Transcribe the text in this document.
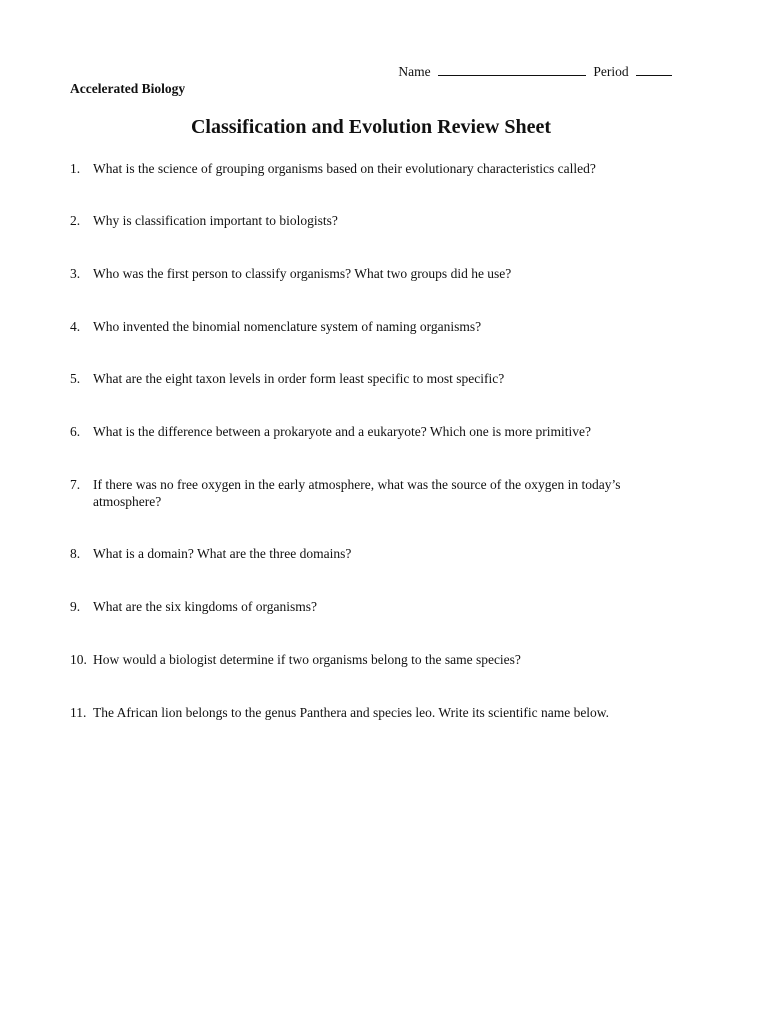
Name	Period
Accelerated Biology
Classification and Evolution Review Sheet
1. What is the science of grouping organisms based on their evolutionary characteristics called?
2. Why is classification important to biologists?
3. Who was the first person to classify organisms? What two groups did he use?
4. Who invented the binomial nomenclature system of naming organisms?
5. What are the eight taxon levels in order form least specific to most specific?
6. What is the difference between a prokaryote and a eukaryote? Which one is more primitive?
7. If there was no free oxygen in the early atmosphere, what was the source of the oxygen in today’s atmosphere?
8. What is a domain? What are the three domains?
9. What are the six kingdoms of organisms?
10. How would a biologist determine if two organisms belong to the same species?
11. The African lion belongs to the genus Panthera and species leo. Write its scientific name below.
